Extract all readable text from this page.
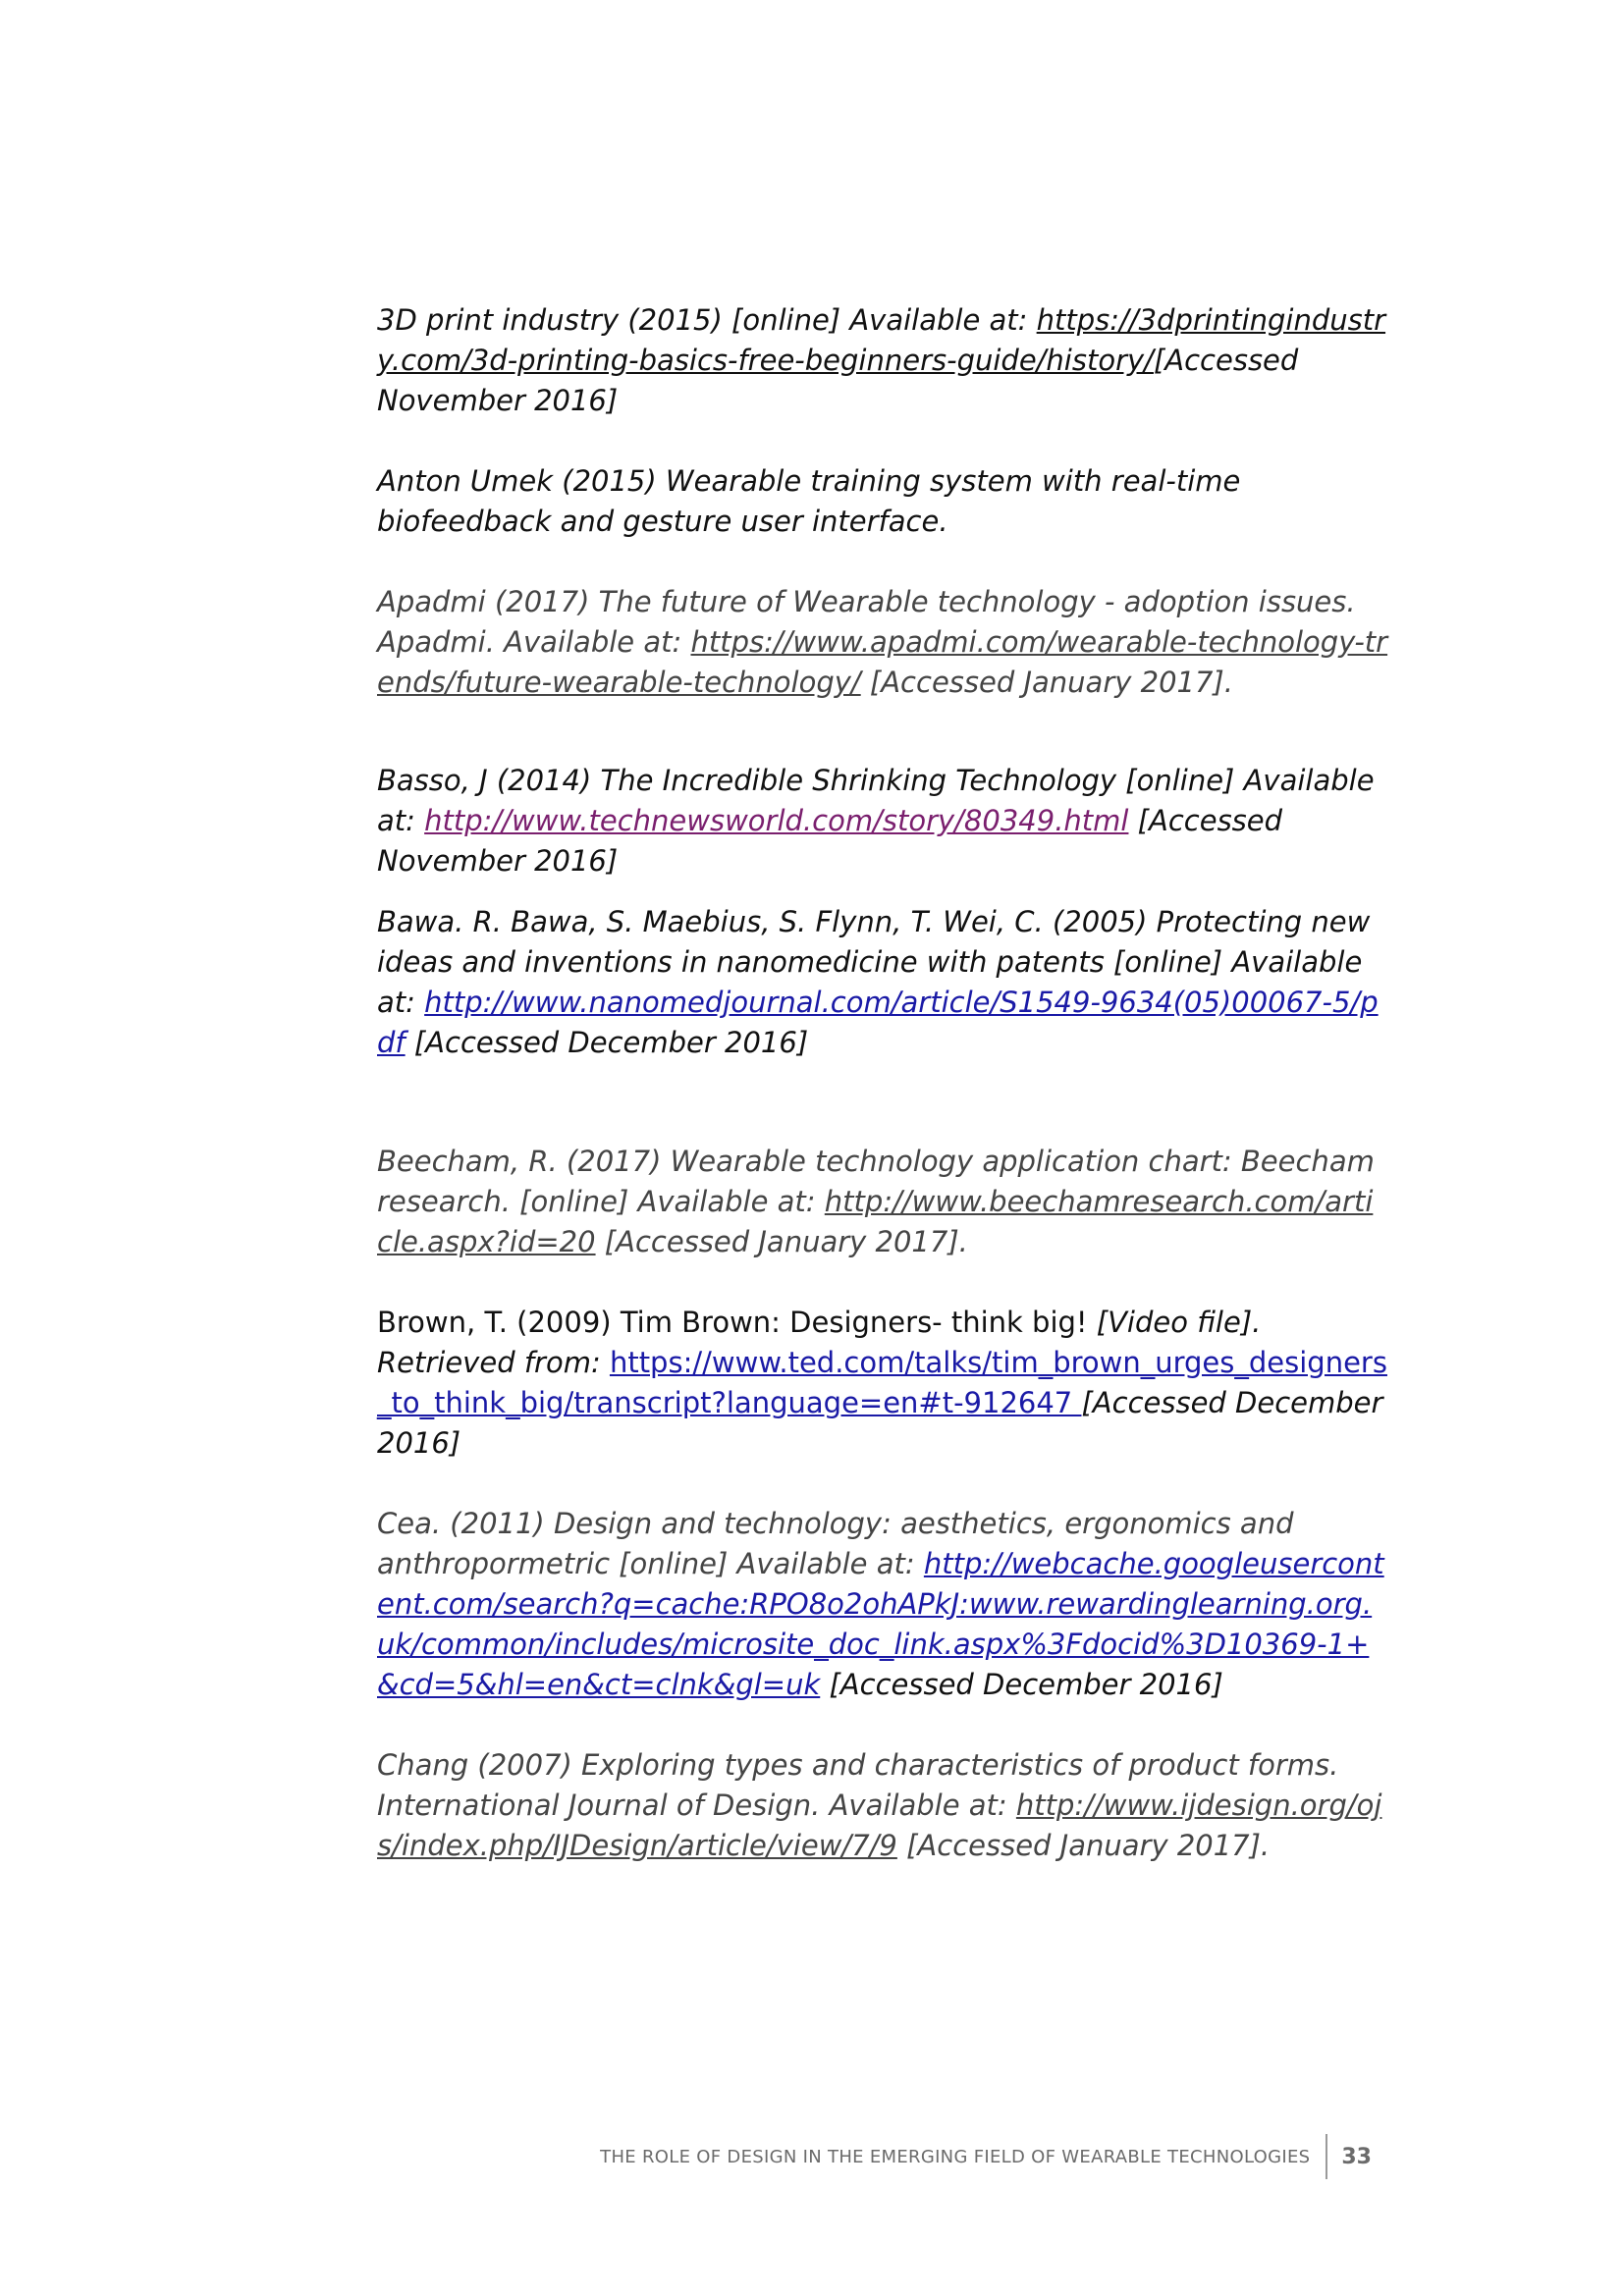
3D print industry (2015) [online] Available at: https://3dprintingindustry.com/3d-printing-basics-free-beginners-guide/history/[Accessed November 2016]

Anton Umek (2015) Wearable training system with real-time biofeedback and gesture user interface.

Apadmi (2017) The future of Wearable technology - adoption issues. Apadmi. Available at: https://www.apadmi.com/wearable-technology-trends/future-wearable-technology/ [Accessed January 2017].

Basso, J (2014) The Incredible Shrinking Technology [online] Available at: http://www.technewsworld.com/story/80349.html [Accessed November 2016]

Bawa. R. Bawa, S. Maebius, S. Flynn, T. Wei, C. (2005) Protecting new ideas and inventions in nanomedicine with patents [online] Available at: http://www.nanomedjournal.com/article/S1549-9634(05)00067-5/pdf [Accessed December 2016]

Beecham, R. (2017) Wearable technology application chart: Beecham research. [online] Available at: http://www.beechamresearch.com/article.aspx?id=20 [Accessed January 2017].

Brown, T. (2009) Tim Brown: Designers- think big! [Video file]. Retrieved from: https://www.ted.com/talks/tim_brown_urges_designers_to_think_big/transcript?language=en#t-912647 [Accessed December 2016]

Cea. (2011) Design and technology: aesthetics, ergonomics and anthropormetric [online] Available at: http://webcache.googleusercontent.com/search?q=cache:RPO8o2ohAPkJ:www.rewardinglearning.org.uk/common/includes/microsite_doc_link.aspx%3Fdocid%3D10369-1+&cd=5&hl=en&ct=clnk&gl=uk [Accessed December 2016]

Chang (2007) Exploring types and characteristics of product forms. International Journal of Design. Available at: http://www.ijdesign.org/ojs/index.php/IJDesign/article/view/7/9 [Accessed January 2017].

THE ROLE OF DESIGN IN THE EMERGING FIELD OF WEARABLE TECHNOLOGIES	33
